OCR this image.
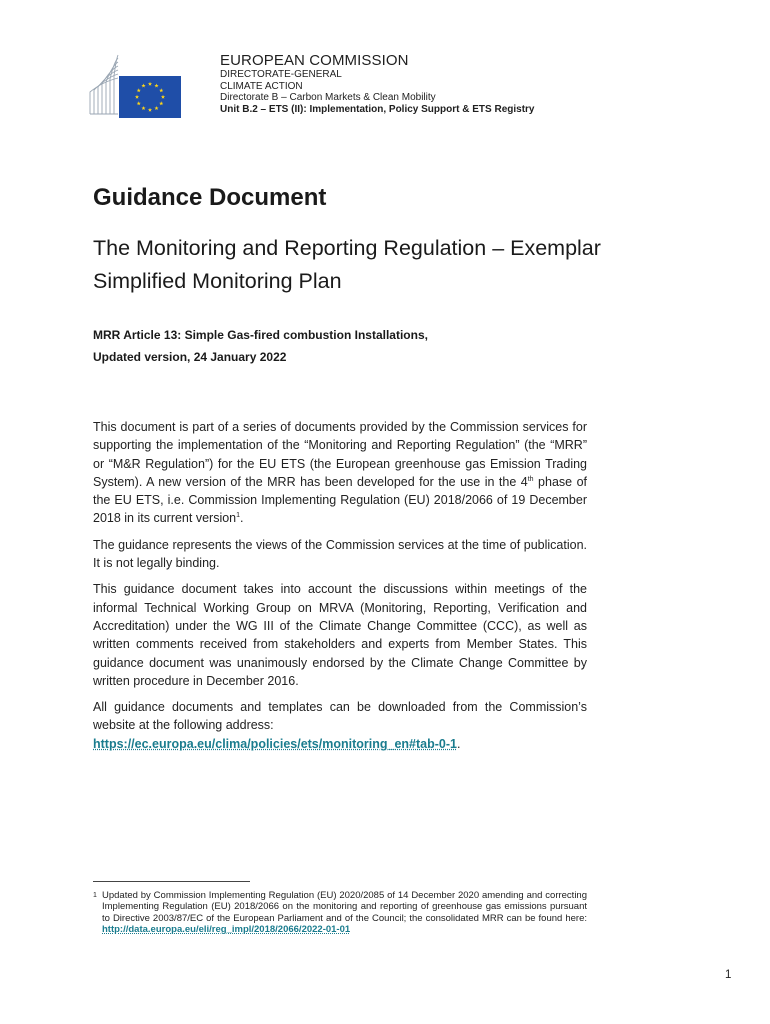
EUROPEAN COMMISSION
DIRECTORATE-GENERAL
CLIMATE ACTION
Directorate B – Carbon Markets & Clean Mobility
Unit B.2 – ETS (II): Implementation, Policy Support & ETS Registry
Guidance Document
The Monitoring and Reporting Regulation – Exemplar Simplified Monitoring Plan
MRR Article 13: Simple Gas-fired combustion Installations,
Updated version, 24 January 2022

This document is part of a series of documents provided by the Commission services for supporting the implementation of the “Monitoring and Reporting Regulation” (the “MRR” or “M&R Regulation”) for the EU ETS (the European greenhouse gas Emission Trading System). A new version of the MRR has been developed for the use in the 4th phase of the EU ETS, i.e. Commission Implementing Regulation (EU) 2018/2066 of 19 December 2018 in its current version$^1$.

The guidance represents the views of the Commission services at the time of publication. It is not legally binding.

This guidance document takes into account the discussions within meetings of the informal Technical Working Group on MRVA (Monitoring, Reporting, Verification and Accreditation) under the WG III of the Climate Change Committee (CCC), as well as written comments received from stakeholders and experts from Member States. This guidance document was unanimously endorsed by the Climate Change Committee by written procedure in December 2016.

All guidance documents and templates can be downloaded from the Commission’s website at the following address:
https://ec.europa.eu/clima/policies/ets/monitoring_en#tab-0-1.

1 Updated by Commission Implementing Regulation (EU) 2020/2085 of 14 December 2020 amending and correcting Implementing Regulation (EU) 2018/2066 on the monitoring and reporting of greenhouse gas emissions pursuant to Directive 2003/87/EC of the European Parliament and of the Council; the consolidated MRR can be found here: http://data.europa.eu/eli/reg_impl/2018/2066/2022-01-01
1
